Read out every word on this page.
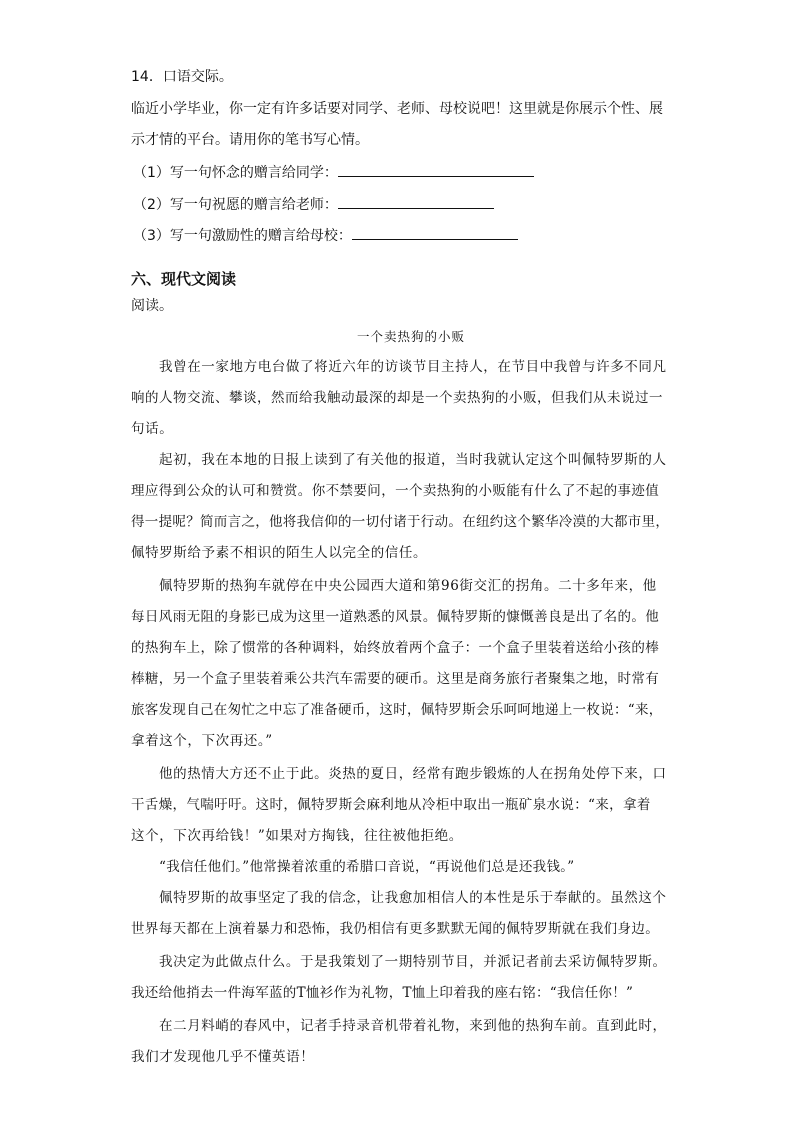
14．口语交际。
临近小学毕业，你一定有许多话要对同学、老师、母校说吧！这里就是你展示个性、展
示才情的平台。请用你的笔书写心情。
（1）写一句怀念的赠言给同学：
（2）写一句祝愿的赠言给老师：
（3）写一句激励性的赠言给母校：
六、现代文阅读
阅读。
一个卖热狗的小贩
我曾在一家地方电台做了将近六年的访谈节目主持人，在节目中我曾与许多不同凡
响的人物交流、攀谈，然而给我触动最深的却是一个卖热狗的小贩，但我们从未说过一
句话。
起初，我在本地的日报上读到了有关他的报道，当时我就认定这个叫佩特罗斯的人
理应得到公众的认可和赞赏。你不禁要问，一个卖热狗的小贩能有什么了不起的事迹值
得一提呢？简而言之，他将我信仰的一切付诸于行动。在纽约这个繁华冷漠的大都市里，
佩特罗斯给予素不相识的陌生人以完全的信任。
佩特罗斯的热狗车就停在中央公园西大道和第96街交汇的拐角。二十多年来，他
每日风雨无阻的身影已成为这里一道熟悉的风景。佩特罗斯的慷慨善良是出了名的。他
的热狗车上，除了惯常的各种调料，始终放着两个盒子：一个盒子里装着送给小孩的棒
棒糖，另一个盒子里装着乘公共汽车需要的硬币。这里是商务旅行者聚集之地，时常有
旅客发现自己在匆忙之中忘了准备硬币，这时，佩特罗斯会乐呵呵地递上一枚说：“来，
拿着这个，下次再还。”
他的热情大方还不止于此。炎热的夏日，经常有跑步锻炼的人在拐角处停下来，口
干舌燥，气喘吁吁。这时，佩特罗斯会麻利地从冷柜中取出一瓶矿泉水说：“来，拿着
这个，下次再给钱！”如果对方掏钱，往往被他拒绝。
“我信任他们。”他常操着浓重的希腊口音说，“再说他们总是还我钱。”
佩特罗斯的故事坚定了我的信念，让我愈加相信人的本性是乐于奉献的。虽然这个
世界每天都在上演着暴力和恐怖，我仍相信有更多默默无闻的佩特罗斯就在我们身边。
我决定为此做点什么。于是我策划了一期特别节目，并派记者前去采访佩特罗斯。
我还给他捎去一件海军蓝的T恤衫作为礼物，T恤上印着我的座右铭：“我信任你！”
在二月料峭的春风中，记者手持录音机带着礼物，来到他的热狗车前。直到此时，
我们才发现他几乎不懂英语！
